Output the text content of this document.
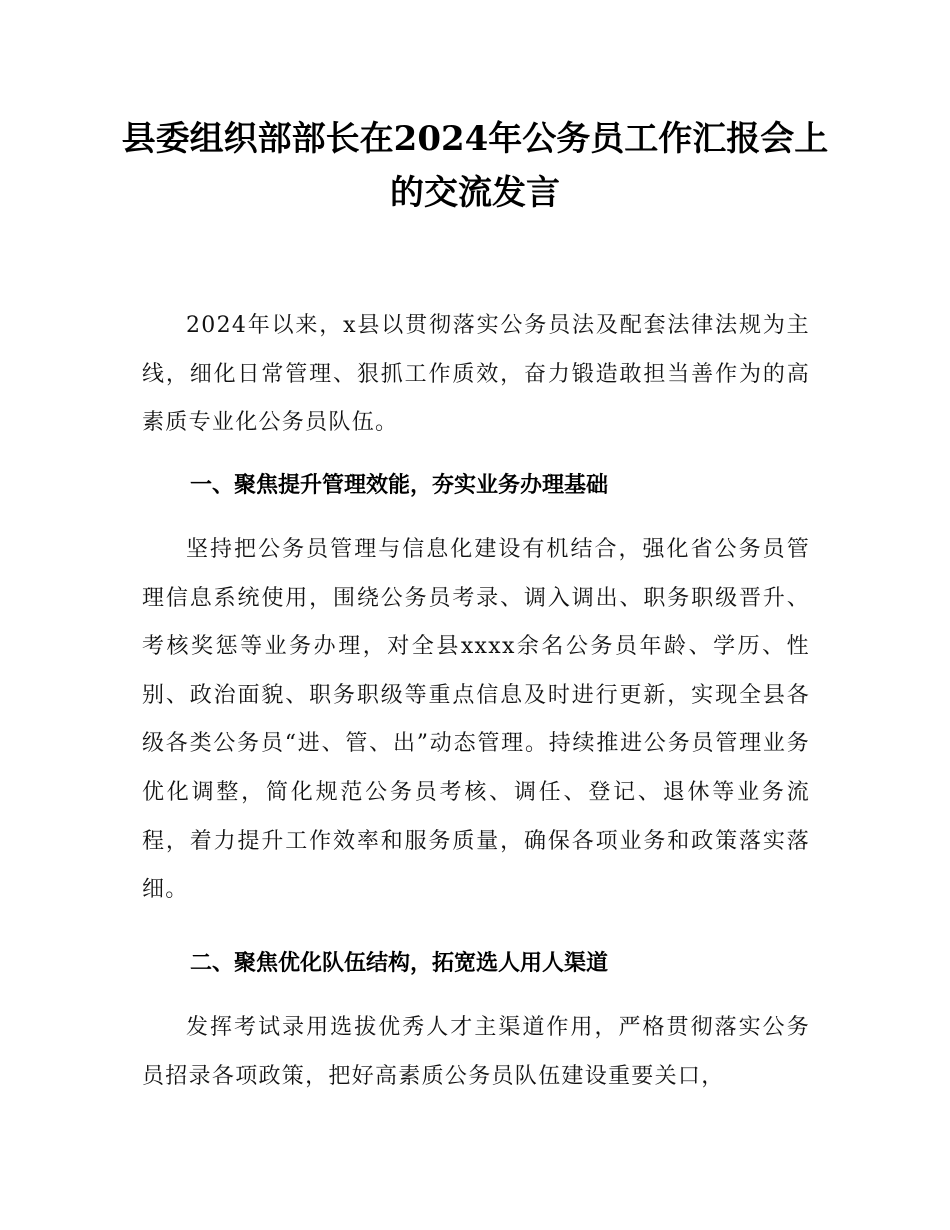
县委组织部部长在2024年公务员工作汇报会上的交流发言

2024年以来，x县以贯彻落实公务员法及配套法律法规为主线，细化日常管理、狠抓工作质效，奋力锻造敢担当善作为的高素质专业化公务员队伍。

一、聚焦提升管理效能，夯实业务办理基础

坚持把公务员管理与信息化建设有机结合，强化省公务员管理信息系统使用，围绕公务员考录、调入调出、职务职级晋升、考核奖惩等业务办理，对全县xxxx余名公务员年龄、学历、性别、政治面貌、职务职级等重点信息及时进行更新，实现全县各级各类公务员“进、管、出”动态管理。持续推进公务员管理业务优化调整，简化规范公务员考核、调任、登记、退休等业务流程，着力提升工作效率和服务质量，确保各项业务和政策落实落细。

二、聚焦优化队伍结构，拓宽选人用人渠道

发挥考试录用选拔优秀人才主渠道作用，严格贯彻落实公务员招录各项政策，把好高素质公务员队伍建设重要关口，
